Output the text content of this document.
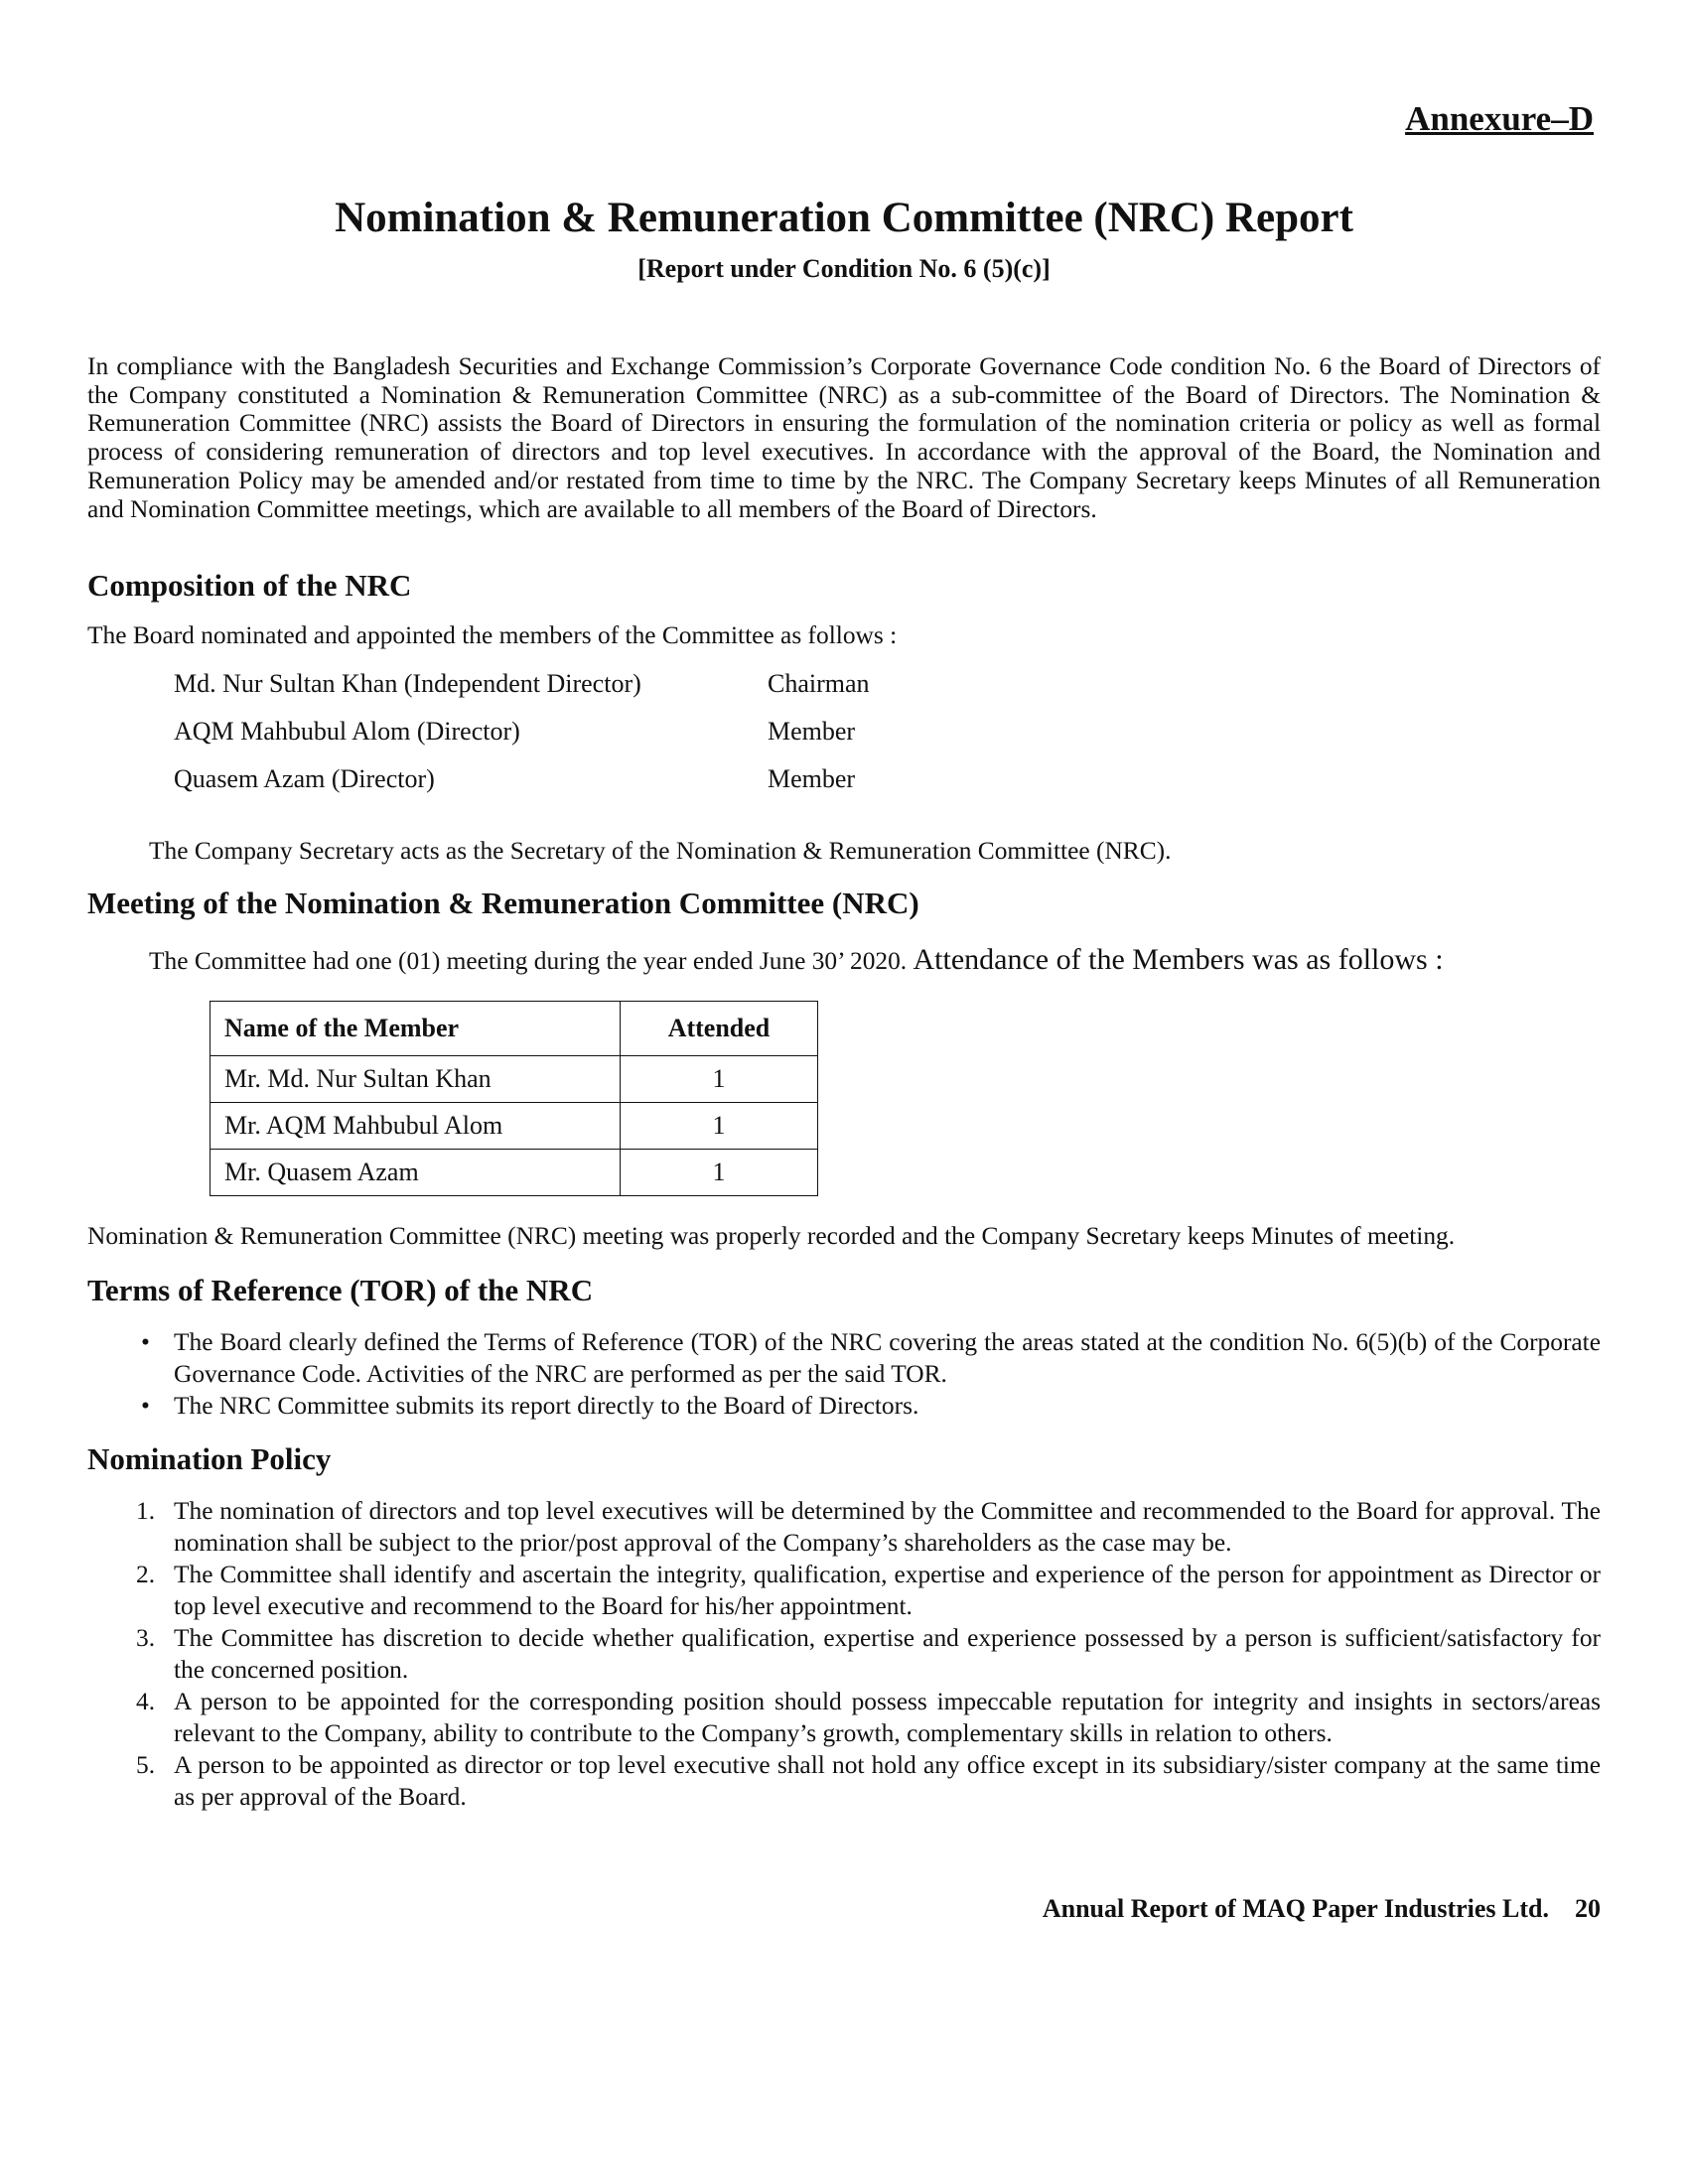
Annexure–D
Nomination & Remuneration Committee (NRC) Report
[Report under Condition No. 6 (5)(c)]

In compliance with the Bangladesh Securities and Exchange Commission’s Corporate Governance Code condition No. 6 the Board of Directors of the Company constituted a Nomination & Remuneration Committee (NRC) as a sub-committee of the Board of Directors. The Nomination & Remuneration Committee (NRC) assists the Board of Directors in ensuring the formulation of the nomination criteria or policy as well as formal process of considering remuneration of directors and top level executives. In accordance with the approval of the Board, the Nomination and Remuneration Policy may be amended and/or restated from time to time by the NRC. The Company Secretary keeps Minutes of all Remuneration and Nomination Committee meetings, which are available to all members of the Board of Directors.

Composition of the NRC

The Board nominated and appointed the members of the Committee as follows :

Md. Nur Sultan Khan (Independent Director)	Chairman
AQM Mahbubul Alom (Director)	Member
Quasem Azam (Director)	Member

The Company Secretary acts as the Secretary of the Nomination & Remuneration Committee (NRC).

Meeting of the Nomination & Remuneration Committee (NRC)

The Committee had one (01) meeting during the year ended June 30’ 2020. Attendance of the Members was as follows :

Name of the Member	Attended
Mr. Md. Nur Sultan Khan	1
Mr. AQM Mahbubul Alom	1
Mr. Quasem Azam	1

Nomination & Remuneration Committee (NRC) meeting was properly recorded and the Company Secretary keeps Minutes of meeting.

Terms of Reference (TOR) of the NRC
• The Board clearly defined the Terms of Reference (TOR) of the NRC covering the areas stated at the condition No. 6(5)(b) of the Corporate Governance Code. Activities of the NRC are performed as per the said TOR.
• The NRC Committee submits its report directly to the Board of Directors.
Nomination Policy
1. The nomination of directors and top level executives will be determined by the Committee and recommended to the Board for approval. The nomination shall be subject to the prior/post approval of the Company’s shareholders as the case may be.
2. The Committee shall identify and ascertain the integrity, qualification, expertise and experience of the person for appointment as Director or top level executive and recommend to the Board for his/her appointment.
3. The Committee has discretion to decide whether qualification, expertise and experience possessed by a person is sufficient/satisfactory for the concerned position.
4. A person to be appointed for the corresponding position should possess impeccable reputation for integrity and insights in sectors/areas relevant to the Company, ability to contribute to the Company’s growth, complementary skills in relation to others.
5. A person to be appointed as director or top level executive shall not hold any office except in its subsidiary/sister company at the same time as per approval of the Board.
Annual Report of MAQ Paper Industries Ltd. 20
